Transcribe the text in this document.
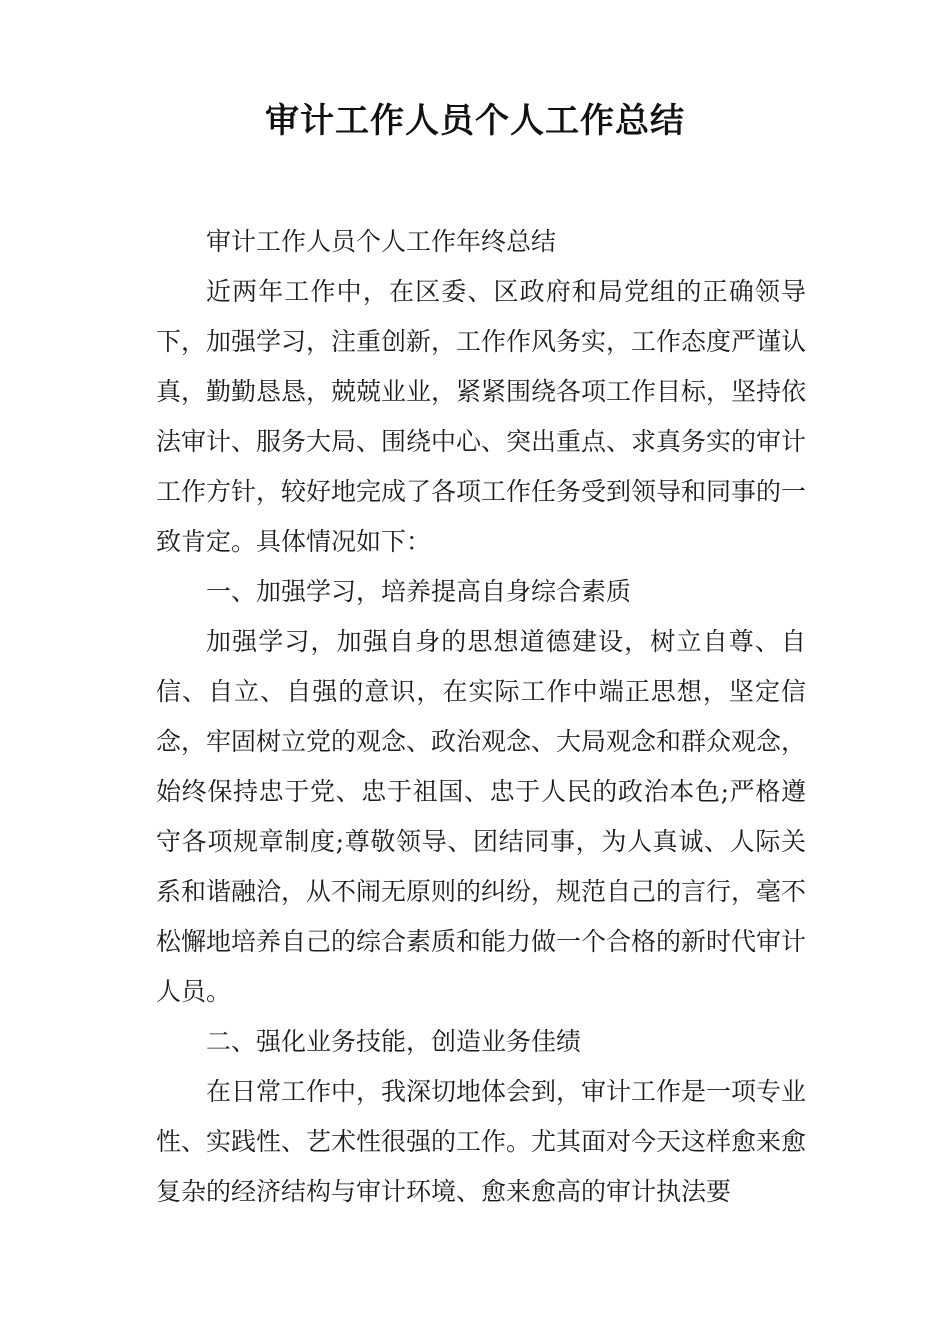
审计工作人员个人工作总结

审计工作人员个人工作年终总结

近两年工作中，在区委、区政府和局党组的正确领导下，加强学习，注重创新，工作作风务实，工作态度严谨认真，勤勤恳恳，兢兢业业，紧紧围绕各项工作目标，坚持依法审计、服务大局、围绕中心、突出重点、求真务实的审计工作方针，较好地完成了各项工作任务受到领导和同事的一致肯定。具体情况如下：

一、加强学习，培养提高自身综合素质

加强学习，加强自身的思想道德建设，树立自尊、自信、自立、自强的意识，在实际工作中端正思想，坚定信念，牢固树立党的观念、政治观念、大局观念和群众观念，始终保持忠于党、忠于祖国、忠于人民的政治本色;严格遵守各项规章制度;尊敬领导、团结同事，为人真诚、人际关系和谐融洽，从不闹无原则的纠纷，规范自己的言行，毫不松懈地培养自己的综合素质和能力做一个合格的新时代审计人员。

二、强化业务技能，创造业务佳绩

在日常工作中，我深切地体会到，审计工作是一项专业性、实践性、艺术性很强的工作。尤其面对今天这样愈来愈复杂的经济结构与审计环境、愈来愈高的审计执法要
